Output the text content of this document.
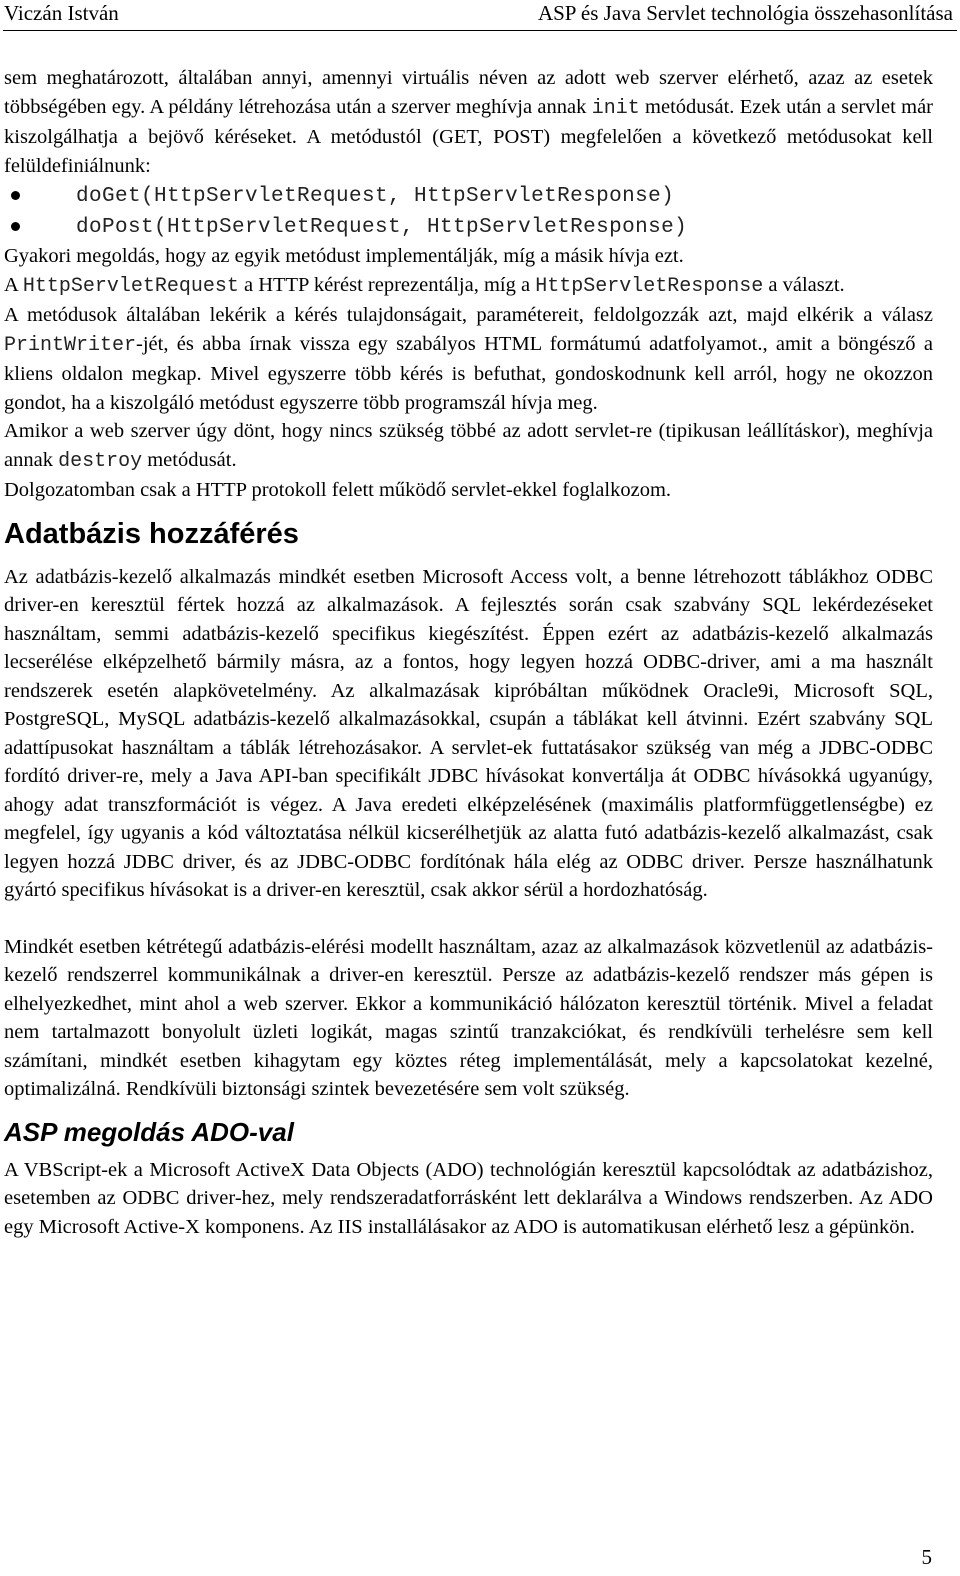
Viczán István	ASP és Java Servlet technológia összehasonlítása

sem meghatározott, általában annyi, amennyi virtuális néven az adott web szerver elérhető, azaz az esetek többségében egy. A példány létrehozása után a szerver meghívja annak init metódusát. Ezek után a servlet már kiszolgálhatja a bejövő kéréseket. A metódustól (GET, POST) megfelelően a következő metódusokat kell felüldefiniálnunk:

doGet(HttpServletRequest, HttpServletResponse)
doPost(HttpServletRequest, HttpServletResponse)

Gyakori megoldás, hogy az egyik metódust implementálják, míg a másik hívja ezt.

A HttpServletRequest a HTTP kérést reprezentálja, míg a HttpServletResponse a választ.

A metódusok általában lekérik a kérés tulajdonságait, paramétereit, feldolgozzák azt, majd elkérik a válasz PrintWriter-jét, és abba írnak vissza egy szabályos HTML formátumú adatfolyamot., amit a böngésző a kliens oldalon megkap. Mivel egyszerre több kérés is befuthat, gondoskodnunk kell arról, hogy ne okozzon gondot, ha a kiszolgáló metódust egyszerre több programszál hívja meg.

Amikor a web szerver úgy dönt, hogy nincs szükség többé az adott servlet-re (tipikusan leállításkor), meghívja annak destroy metódusát.

Dolgozatomban csak a HTTP protokoll felett működő servlet-ekkel foglalkozom.

Adatbázis hozzáférés

Az adatbázis-kezelő alkalmazás mindkét esetben Microsoft Access volt, a benne létrehozott táblákhoz ODBC driver-en keresztül fértek hozzá az alkalmazások. A fejlesztés során csak szabvány SQL lekérdezéseket használtam, semmi adatbázis-kezelő specifikus kiegészítést. Éppen ezért az adatbázis-kezelő alkalmazás lecserélése elképzelhető bármily másra, az a fontos, hogy legyen hozzá ODBC-driver, ami a ma használt rendszerek esetén alapkövetelmény. Az alkalmazásak kipróbáltan működnek Oracle9i, Microsoft SQL, PostgreSQL, MySQL adatbázis-kezelő alkalmazásokkal, csupán a táblákat kell átvinni. Ezért szabvány SQL adattípusokat használtam a táblák létrehozásakor. A servlet-ek futtatásakor szükség van még a JDBC-ODBC fordító driver-re, mely a Java API-ban specifikált JDBC hívásokat konvertálja át ODBC hívásokká ugyanúgy, ahogy adat transzformációt is végez. A Java eredeti elképzelésének (maximális platformfüggetlenségbe) ez megfelel, így ugyanis a kód változtatása nélkül kicserélhetjük az alatta futó adatbázis-kezelő alkalmazást, csak legyen hozzá JDBC driver, és az JDBC-ODBC fordítónak hála elég az ODBC driver. Persze használhatunk gyártó specifikus hívásokat is a driver-en keresztül, csak akkor sérül a hordozhatóság.

Mindkét esetben kétrétegű adatbázis-elérési modellt használtam, azaz az alkalmazások közvetlenül az adatbázis-kezelő rendszerrel kommunikálnak a driver-en keresztül. Persze az adatbázis-kezelő rendszer más gépen is elhelyezkedhet, mint ahol a web szerver. Ekkor a kommunikáció hálózaton keresztül történik. Mivel a feladat nem tartalmazott bonyolult üzleti logikát, magas szintű tranzakciókat, és rendkívüli terhelésre sem kell számítani, mindkét esetben kihagytam egy köztes réteg implementálását, mely a kapcsolatokat kezelné, optimalizálná. Rendkívüli biztonsági szintek bevezetésére sem volt szükség.

ASP megoldás ADO-val

A VBScript-ek a Microsoft ActiveX Data Objects (ADO) technológián keresztül kapcsolódtak az adatbázishoz, esetemben az ODBC driver-hez, mely rendszeradatforrásként lett deklarálva a Windows rendszerben. Az ADO egy Microsoft Active-X komponens. Az IIS installálásakor az ADO is automatikusan elérhető lesz a gépünkön.

5
